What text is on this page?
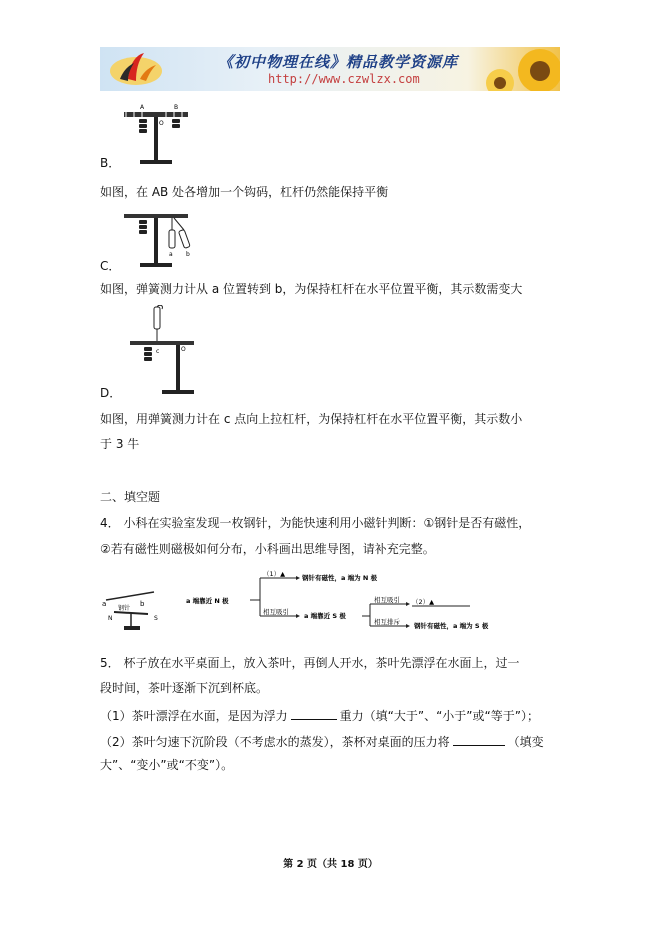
《初中物理在线》精品教学资源库
http://www.czwlzx.com
A	B
O
B．
如图，在 AB 处各增加一个钩码，杠杆仍然能保持平衡
a b
C．
如图，弹簧测力计从 a 位置转到 b，为保持杠杆在水平位置平衡，其示数需变大
c	O
D．
如图，用弹簧测力计在 c 点向上拉杠杆，为保持杠杆在水平位置平衡，其示数小
于 3 牛
二、填空题
4． 小科在实验室发现一枚钢针，为能快速利用小磁针判断：①钢针是否有磁性，
②若有磁性则磁极如何分布，小科画出思维导图，请补充完整。
a	b
钢针
N	S
a 端靠近 N 极
（1）▲	钢针有磁性，a 端为 N 极
相互吸引 a 端靠近 S 极
相互吸引 （2）▲
相互排斥 钢针有磁性，a 端为 S 极
5． 杯子放在水平桌面上，放入茶叶，再倒人开水，茶叶先漂浮在水面上，过一
段时间，茶叶逐渐下沉到杯底。
（1）茶叶漂浮在水面，是因为浮力	重力（填“大于”、“小于”或“等于”）；
（2）茶叶匀速下沉阶段（不考虑水的蒸发），茶杯对桌面的压力将	（填变
大”、“变小”或“不变”）。
第 2 页（共 18 页）
